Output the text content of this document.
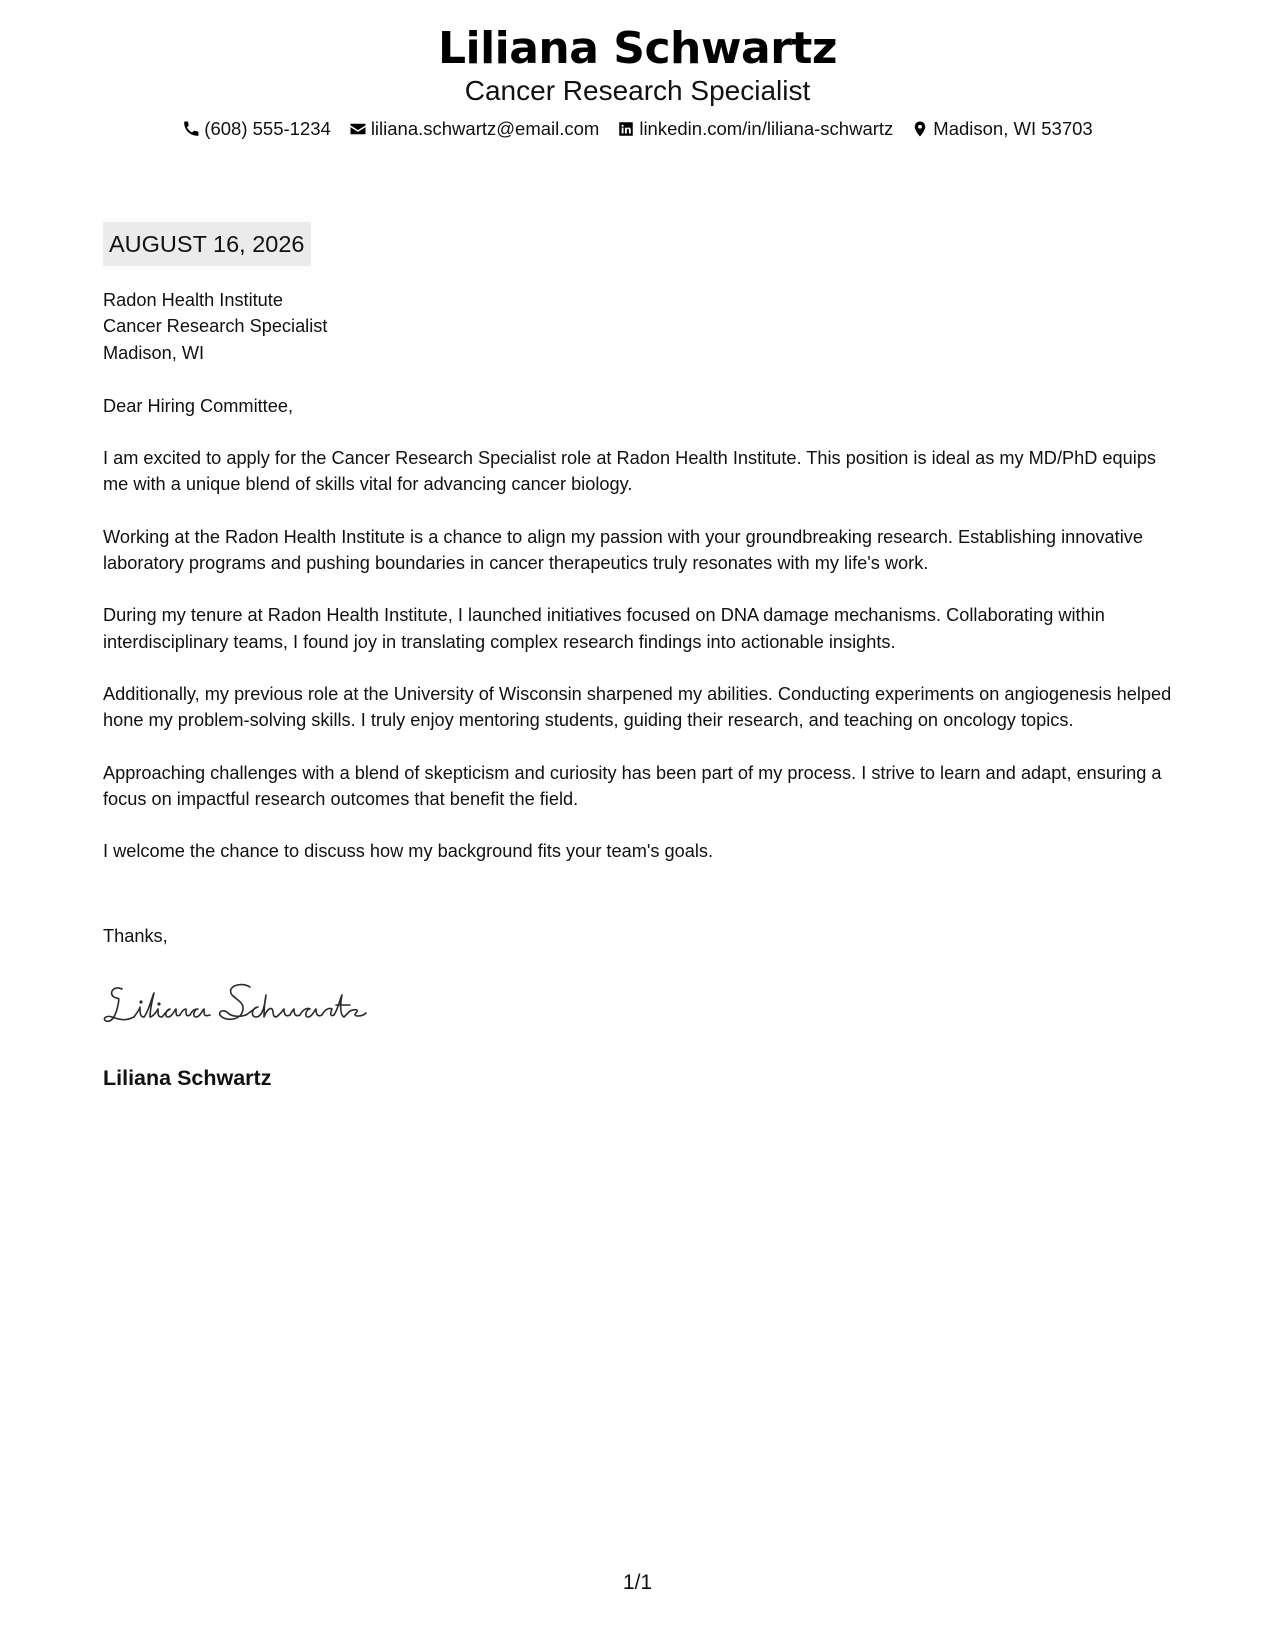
Liliana Schwartz
Cancer Research Specialist
(608) 555-1234 liliana.schwartz@email.com linkedin.com/in/liliana-schwartz Madison, WI 53703
AUGUST 16, 2026

Radon Health Institute

Cancer Research Specialist

Madison, WI

Dear Hiring Committee,

I am excited to apply for the Cancer Research Specialist role at Radon Health Institute. This position is ideal as my MD/PhD equips me with a unique blend of skills vital for advancing cancer biology.

Working at the Radon Health Institute is a chance to align my passion with your groundbreaking research. Establishing innovative laboratory programs and pushing boundaries in cancer therapeutics truly resonates with my life's work.

During my tenure at Radon Health Institute, I launched initiatives focused on DNA damage mechanisms. Collaborating within interdisciplinary teams, I found joy in translating complex research findings into actionable insights.

Additionally, my previous role at the University of Wisconsin sharpened my abilities. Conducting experiments on angiogenesis helped hone my problem-solving skills. I truly enjoy mentoring students, guiding their research, and teaching on oncology topics.

Approaching challenges with a blend of skepticism and curiosity has been part of my process. I strive to learn and adapt, ensuring a focus on impactful research outcomes that benefit the field.

I welcome the chance to discuss how my background fits your team's goals.

Thanks,
Liliana Schwartz
1/1
